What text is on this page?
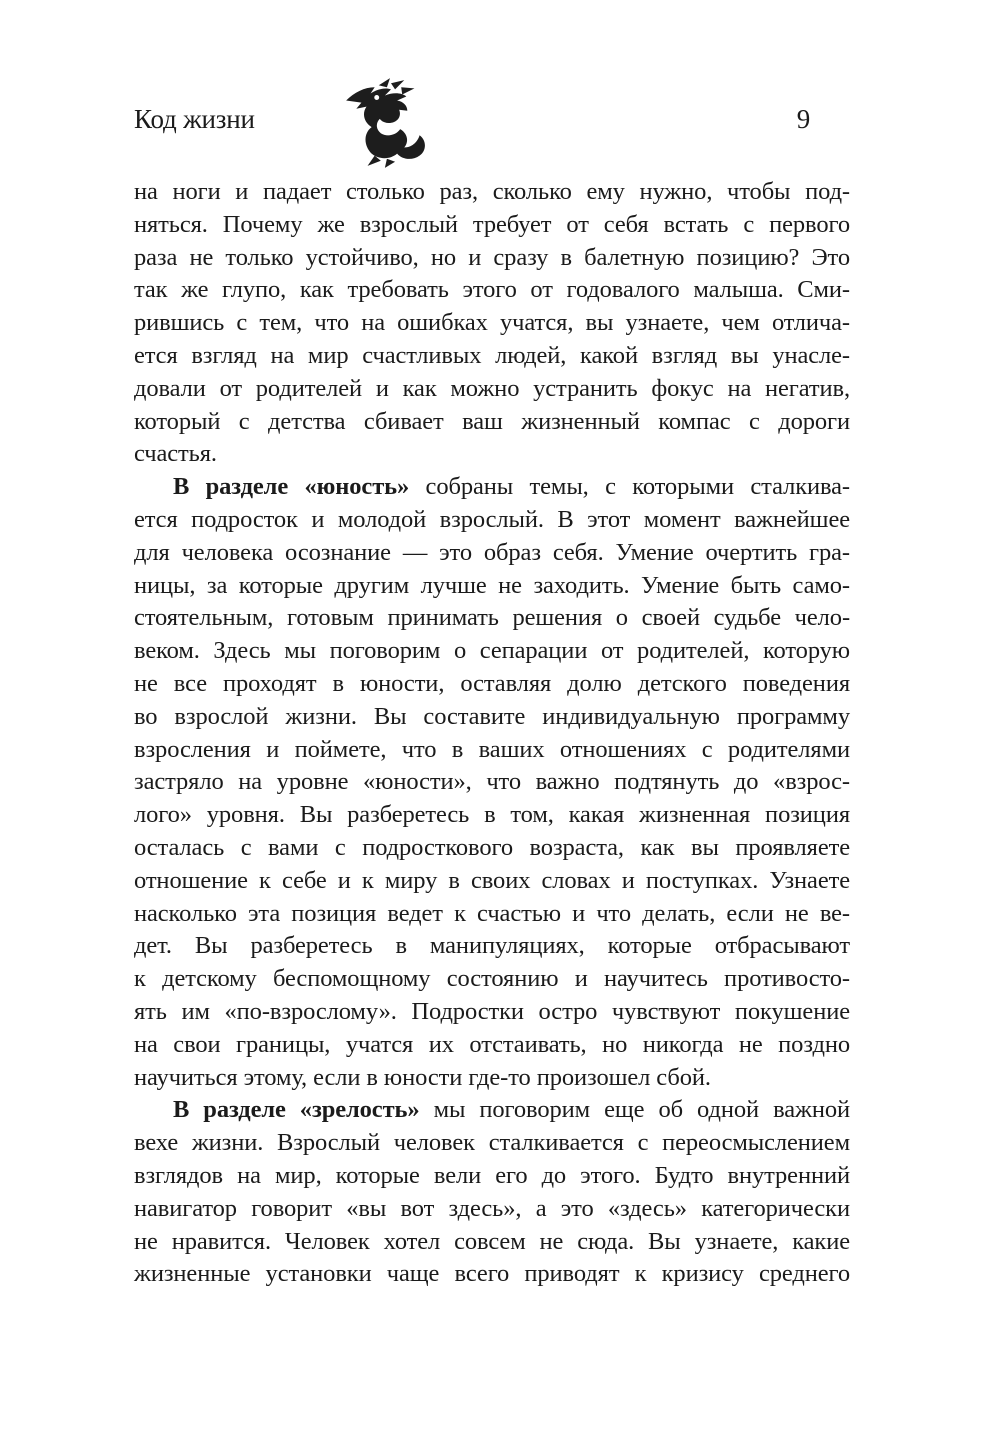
Код жизни	9
на ноги и падает столько раз, сколько ему нужно, чтобы под-
няться. Почему же взрослый требует от себя встать с первого
раза не только устойчиво, но и сразу в балетную позицию? Это
так же глупо, как требовать этого от годовалого малыша. Сми-
рившись с тем, что на ошибках учатся, вы узнаете, чем отлича-
ется взгляд на мир счастливых людей, какой взгляд вы унасле-
довали от родителей и как можно устранить фокус на негатив,
который с детства сбивает ваш жизненный компас с дороги
счастья.
В разделе «юность» собраны темы, с которыми сталкива-
ется подросток и молодой взрослый. В этот момент важнейшее
для человека осознание — это образ себя. Умение очертить гра-
ницы, за которые другим лучше не заходить. Умение быть само-
стоятельным, готовым принимать решения о своей судьбе чело-
веком. Здесь мы поговорим о сепарации от родителей, которую
не все проходят в юности, оставляя долю детского поведения
во взрослой жизни. Вы составите индивидуальную программу
взросления и поймете, что в ваших отношениях с родителями
застряло на уровне «юности», что важно подтянуть до «взрос-
лого» уровня. Вы разберетесь в том, какая жизненная позиция
осталась с вами с подросткового возраста, как вы проявляете
отношение к себе и к миру в своих словах и поступках. Узнаете
насколько эта позиция ведет к счастью и что делать, если не ве-
дет. Вы разберетесь в манипуляциях, которые отбрасывают
к детскому беспомощному состоянию и научитесь противосто-
ять им «по-взрослому». Подростки остро чувствуют покушение
на свои границы, учатся их отстаивать, но никогда не поздно
научиться этому, если в юности где-то произошел сбой.
В разделе «зрелость» мы поговорим еще об одной важной
вехе жизни. Взрослый человек сталкивается с переосмыслением
взглядов на мир, которые вели его до этого. Будто внутренний
навигатор говорит «вы вот здесь», а это «здесь» категорически
не нравится. Человек хотел совсем не сюда. Вы узнаете, какие
жизненные установки чаще всего приводят к кризису среднего
